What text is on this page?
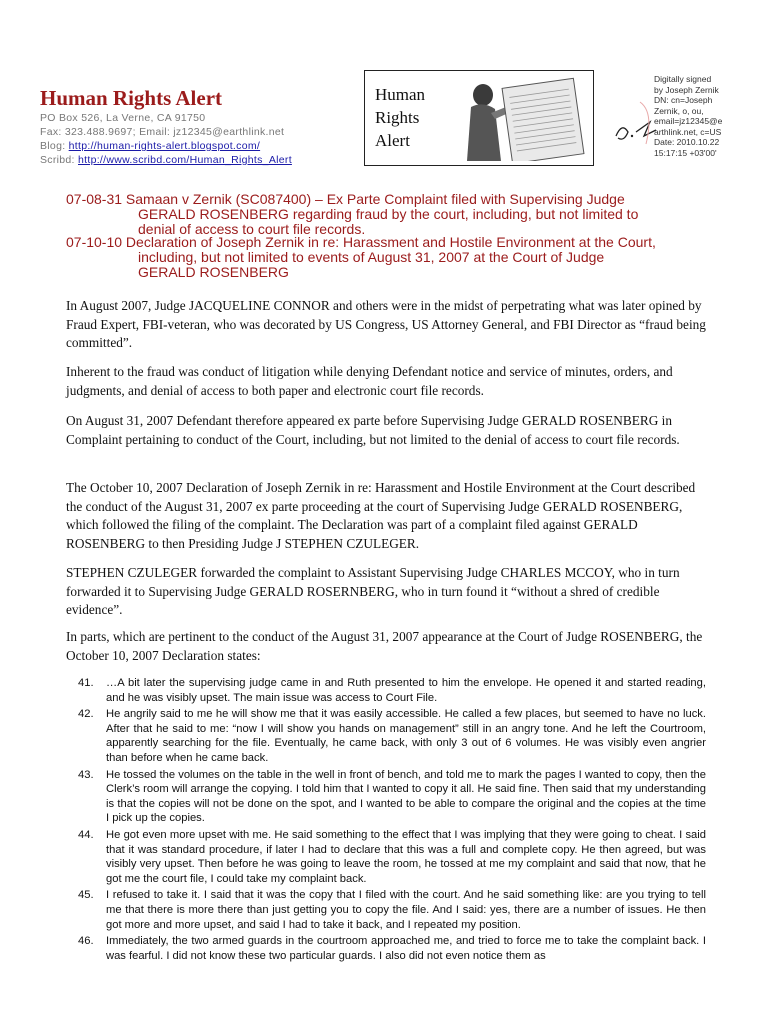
Human Rights Alert
PO Box 526, La Verne, CA 91750
Fax: 323.488.9697; Email: jz12345@earthlink.net
Blog: http://human-rights-alert.blogspot.com/
Scribd: http://www.scribd.com/Human_Rights_Alert
Human
Rights
Alert
Digitally signed
by Joseph Zernik
DN: cn=Joseph
Zernik, o, ou,
email=jz12345@e
arthlink.net, c=US
Date: 2010.10.22
15:17:15 +03'00'
07-08-31 Samaan v Zernik (SC087400) – Ex Parte Complaint filed with Supervising Judge
GERALD ROSENBERG regarding fraud by the court, including, but not limited to
denial of access to court file records.
07-10-10 Declaration of Joseph Zernik in re: Harassment and Hostile Environment at the Court,
including, but not limited to events of August 31, 2007 at the Court of Judge
GERALD ROSENBERG
In August 2007, Judge JACQUELINE CONNOR and others were in the midst of perpetrating what was later opined by Fraud Expert, FBI-veteran, who was decorated by US Congress, US Attorney General, and FBI Director as “fraud being committed”.
Inherent to the fraud was conduct of litigation while denying Defendant notice and service of minutes, orders, and judgments, and denial of access to both paper and electronic court file records.
On August 31, 2007 Defendant therefore appeared ex parte before Supervising Judge GERALD ROSENBERG in Complaint pertaining to conduct of the Court, including, but not limited to the denial of access to court file records.
The October 10, 2007 Declaration of Joseph Zernik in re: Harassment and Hostile Environment at the Court described the conduct of the August 31, 2007 ex parte proceeding at the court of Supervising Judge GERALD ROSENBERG, which followed the filing of the complaint. The Declaration was part of a complaint filed against GERALD ROSENBERG to then Presiding Judge J STEPHEN CZULEGER.
STEPHEN CZULEGER forwarded the complaint to Assistant Supervising Judge CHARLES MCCOY, who in turn forwarded it to Supervising Judge GERALD ROSERNBERG, who in turn found it “without a shred of credible evidence”.
In parts, which are pertinent to the conduct of the August 31, 2007 appearance at the Court of Judge ROSENBERG, the October 10, 2007 Declaration states:
41.	…A bit later the supervising judge came in and Ruth presented to him the envelope. He opened it and started reading, and he was visibly upset. The main issue was access to Court File.
42.	He angrily said to me he will show me that it was easily accessible. He called a few places, but seemed to have no luck. After that he said to me: “now I will show you hands on management” still in an angry tone. And he left the Courtroom, apparently searching for the file. Eventually, he came back, with only 3 out of 6 volumes. He was visibly even angrier than before when he came back.
43.	He tossed the volumes on the table in the well in front of bench, and told me to mark the pages I wanted to copy, then the Clerk’s room will arrange the copying. I told him that I wanted to copy it all. He said fine. Then said that my understanding is that the copies will not be done on the spot, and I wanted to be able to compare the original and the copies at the time I pick up the copies.
44.	He got even more upset with me. He said something to the effect that I was implying that they were going to cheat. I said that it was standard procedure, if later I had to declare that this was a full and complete copy. He then agreed, but was visibly very upset. Then before he was going to leave the room, he tossed at me my complaint and said that now, that he got me the court file, I could take my complaint back.
45.	I refused to take it. I said that it was the copy that I filed with the court. And he said something like: are you trying to tell me that there is more there than just getting you to copy the file. And I said: yes, there are a number of issues. He then got more and more upset, and said I had to take it back, and I repeated my position.
46.	Immediately, the two armed guards in the courtroom approached me, and tried to force me to take the complaint back. I was fearful. I did not know these two particular guards. I also did not even notice them as
